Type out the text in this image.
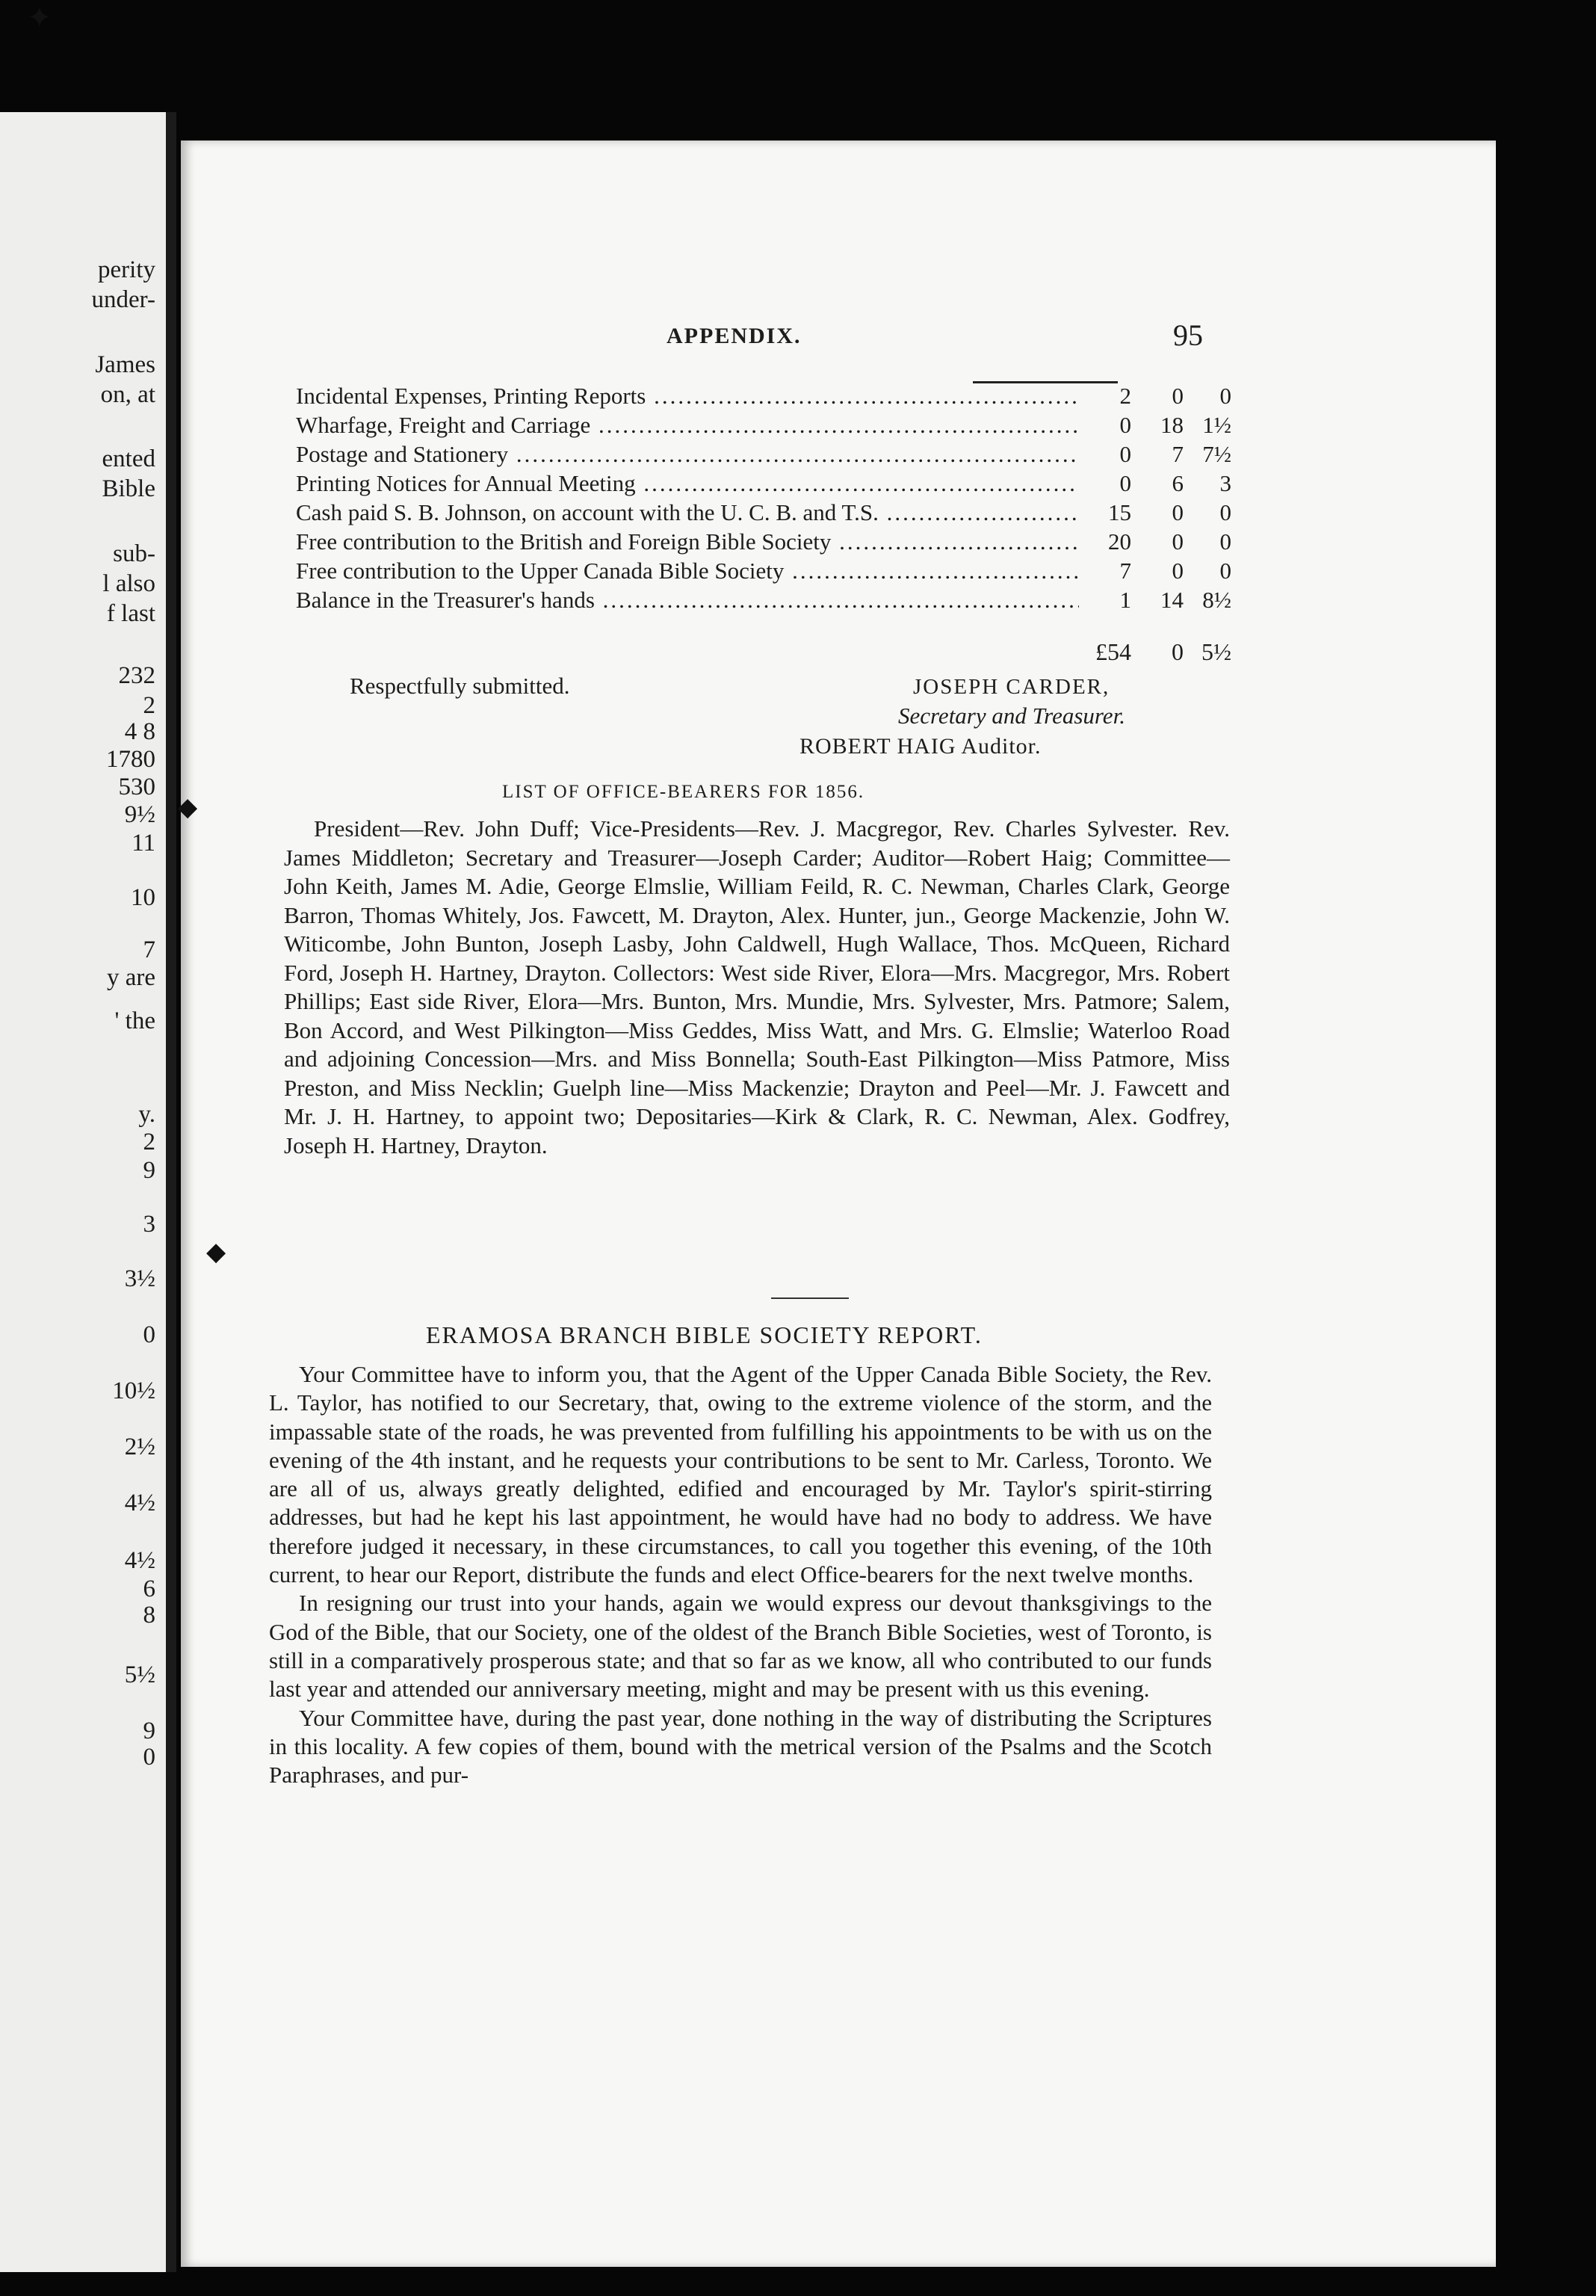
perity
under-
James
on, at
ented
Bible
sub-
l also
f last
232
2
4 8
1780
530
9½
11
10
7
y are
' the
y.
2
9
3
3½
0
10½
2½
4½
4½
6
8
5½
9
0
APPENDIX.	95
Incidental Expenses, Printing Reports .....	2	0	0
Wharfage, Freight and Carriage .....	0	18 1½
Postage and Stationery .....	0	7 7½
Printing Notices for Annual Meeting .....	0	6	3
Cash paid S. B. Johnson, on account with the U. C. B. and T.S. .....	15	0	0
Free contribution to the British and Foreign Bible Society .....	20	0	0
Free contribution to the Upper Canada Bible Society .....	7	0	0
Balance in the Treasurer's hands .....	1	14 8½
£54	0 5½
Respectfully submitted.	JOSEPH CARDER,
Secretary and Treasurer.
ROBERT HAIG Auditor.
LIST OF OFFICE-BEARERS FOR 1856.

President—Rev. John Duff; Vice-Presidents—Rev. J. Macgregor, Rev. Charles Sylvester. Rev. James Middleton; Secretary and Treasurer—Joseph Carder; Auditor—Robert Haig; Committee—John Keith, James M. Adie, George Elmslie, William Feild, R. C. Newman, Charles Clark, George Barron, Thomas Whitely, Jos. Fawcett, M. Drayton, Alex. Hunter, jun., George Mackenzie, John W. Witicombe, John Bunton, Joseph Lasby, John Caldwell, Hugh Wallace, Thos. McQueen, Richard Ford, Joseph H. Hartney, Drayton. Collectors: West side River, Elora—Mrs. Macgregor, Mrs. Robert Phillips; East side River, Elora—Mrs. Bunton, Mrs. Mundie, Mrs. Sylvester, Mrs. Patmore; Salem, Bon Accord, and West Pilkington—Miss Geddes, Miss Watt, and Mrs. G. Elmslie; Waterloo Road and adjoining Concession—Mrs. and Miss Bonnella; South-East Pilkington—Miss Patmore, Miss Preston, and Miss Necklin; Guelph line—Miss Mackenzie; Drayton and Peel—Mr. J. Fawcett and Mr. J. H. Hartney, to appoint two; Depositaries—Kirk & Clark, R. C. Newman, Alex. Godfrey, Joseph H. Hartney, Drayton.

ERAMOSA BRANCH BIBLE SOCIETY REPORT.

Your Committee have to inform you, that the Agent of the Upper Canada Bible Society, the Rev. L. Taylor, has notified to our Secretary, that, owing to the extreme violence of the storm, and the impassable state of the roads, he was prevented from fulfilling his appointments to be with us on the evening of the 4th instant, and he requests your contributions to be sent to Mr. Carless, Toronto. We are all of us, always greatly delighted, edified and encouraged by Mr. Taylor's spirit-stirring addresses, but had he kept his last appointment, he would have had no body to address. We have therefore judged it necessary, in these circumstances, to call you together this evening, of the 10th current, to hear our Report, distribute the funds and elect Office-bearers for the next twelve months.

In resigning our trust into your hands, again we would express our devout thanksgivings to the God of the Bible, that our Society, one of the oldest of the Branch Bible Societies, west of Toronto, is still in a comparatively prosperous state; and that so far as we know, all who contributed to our funds last year and attended our anniversary meeting, might and may be present with us this evening.

Your Committee have, during the past year, done nothing in the way of distributing the Scriptures in this locality. A few copies of them, bound with the metrical version of the Psalms and the Scotch Paraphrases, and pur-

✦
◆
◆
